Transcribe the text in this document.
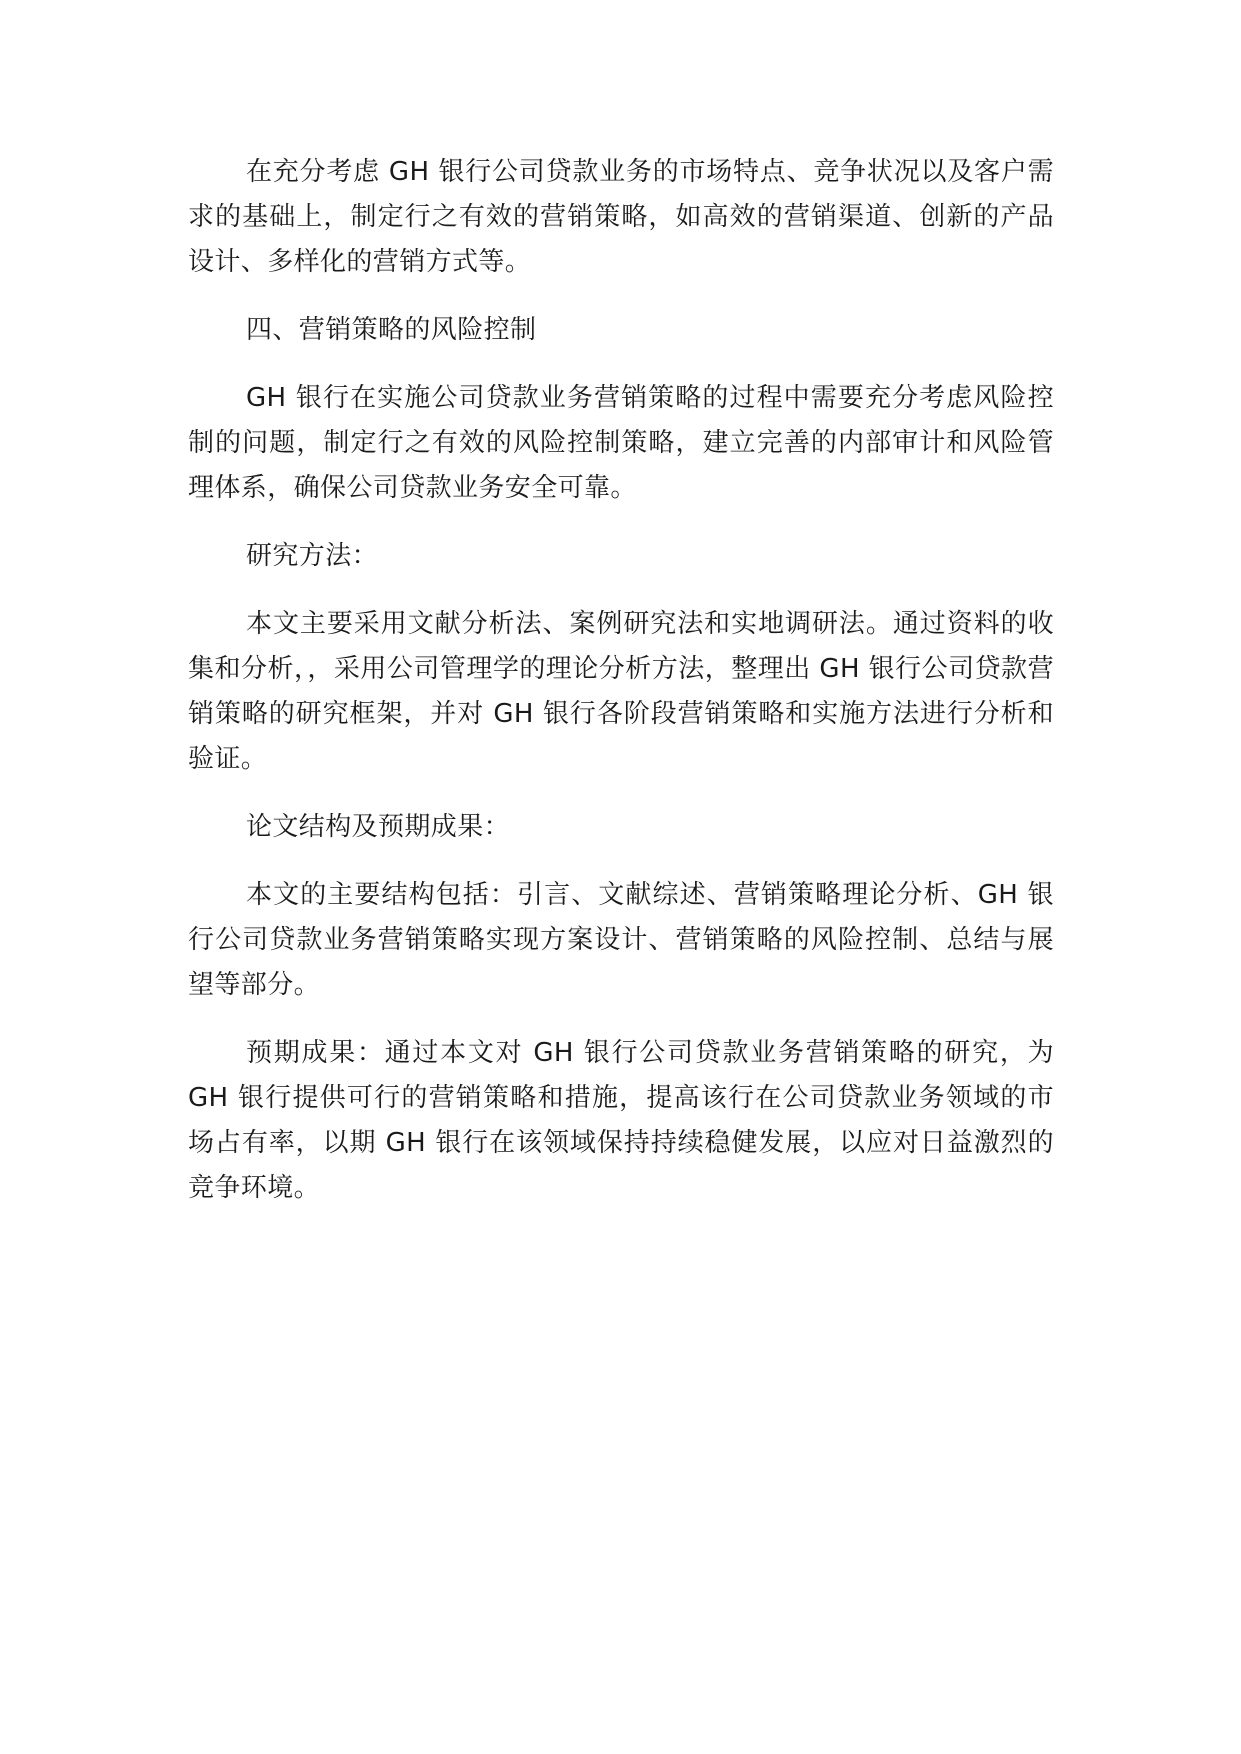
在充分考虑 GH 银行公司贷款业务的市场特点、竞争状况以及客户需求的基础上，制定行之有效的营销策略，如高效的营销渠道、创新的产品设计、多样化的营销方式等。

四、营销策略的风险控制

GH 银行在实施公司贷款业务营销策略的过程中需要充分考虑风险控制的问题，制定行之有效的风险控制策略，建立完善的内部审计和风险管理体系，确保公司贷款业务安全可靠。

研究方法：

本文主要采用文献分析法、案例研究法和实地调研法。通过资料的收集和分析，，采用公司管理学的理论分析方法，整理出 GH 银行公司贷款营销策略的研究框架，并对 GH 银行各阶段营销策略和实施方法进行分析和验证。

论文结构及预期成果：

本文的主要结构包括：引言、文献综述、营销策略理论分析、GH 银行公司贷款业务营销策略实现方案设计、营销策略的风险控制、总结与展望等部分。

预期成果：通过本文对 GH 银行公司贷款业务营销策略的研究，为 GH 银行提供可行的营销策略和措施，提高该行在公司贷款业务领域的市场占有率，以期 GH 银行在该领域保持持续稳健发展，以应对日益激烈的竞争环境。
